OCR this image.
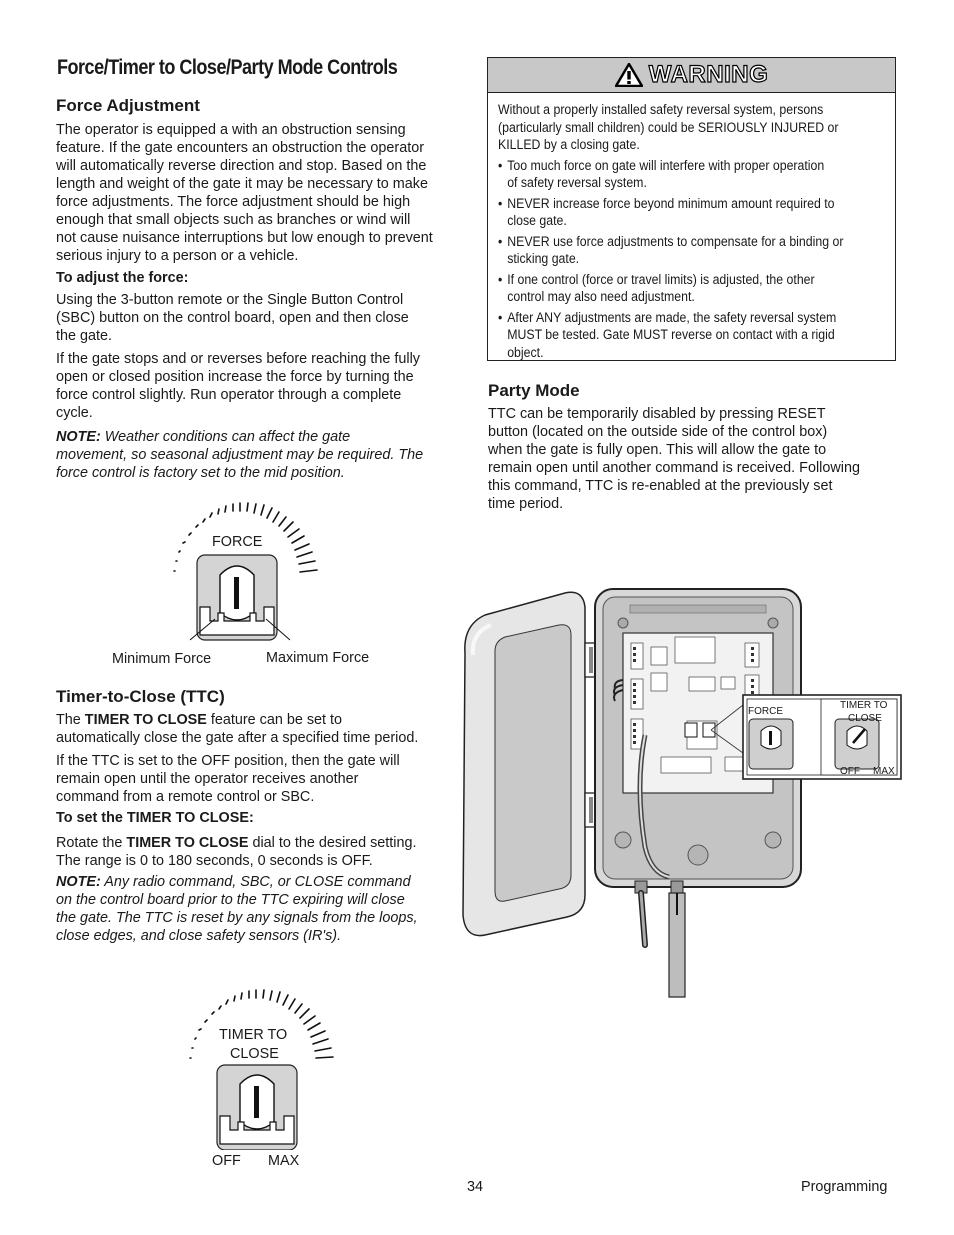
Force/Timer to Close/Party Mode Controls
Force Adjustment
The operator is equipped a with an obstruction sensing
feature. If the gate encounters an obstruction the operator
will automatically reverse direction and stop. Based on the
length and weight of the gate it may be necessary to make
force adjustments. The force adjustment should be high
enough that small objects such as branches or wind will
not cause nuisance interruptions but low enough to prevent
serious injury to a person or a vehicle.
To adjust the force:
Using the 3-button remote or the Single Button Control
(SBC) button on the control board, open and then close
the gate.
If the gate stops and or reverses before reaching the fully
open or closed position increase the force by turning the
force control slightly. Run operator through a complete
cycle.
NOTE: Weather conditions can affect the gate
movement, so seasonal adjustment may be required. The
force control is factory set to the mid position.
FORCE
Minimum Force	Maximum Force
Timer-to-Close (TTC)
The TIMER TO CLOSE feature can be set to
automatically close the gate after a specified time period.
If the TTC is set to the OFF position, then the gate will
remain open until the operator receives another
command from a remote control or SBC.
To set the TIMER TO CLOSE:
Rotate the TIMER TO CLOSE dial to the desired setting.
The range is 0 to 180 seconds, 0 seconds is OFF.
NOTE: Any radio command, SBC, or CLOSE command
on the control board prior to the TTC expiring will close
the gate. The TTC is reset by any signals from the loops,
close edges, and close safety sensors (IR's).
TIMER TO
CLOSE
OFF MAX
WARNING
Without a properly installed safety reversal system, persons
(particularly small children) could be SERIOUSLY INJURED or
KILLED by a closing gate.
• Too much force on gate will interfere with proper operation
of safety reversal system.
• NEVER increase force beyond minimum amount required to
close gate.
• NEVER use force adjustments to compensate for a binding or
sticking gate.
• If one control (force or travel limits) is adjusted, the other
control may also need adjustment.
• After ANY adjustments are made, the safety reversal system
MUST be tested. Gate MUST reverse on contact with a rigid
object.
Party Mode
TTC can be temporarily disabled by pressing RESET
button (located on the outside side of the control box)
when the gate is fully open. This will allow the gate to
remain open until another command is received. Following
this command, TTC is re-enabled at the previously set
time period.
FORCE
TIMER TO
CLOSE
OFF MAX
34	Programming
